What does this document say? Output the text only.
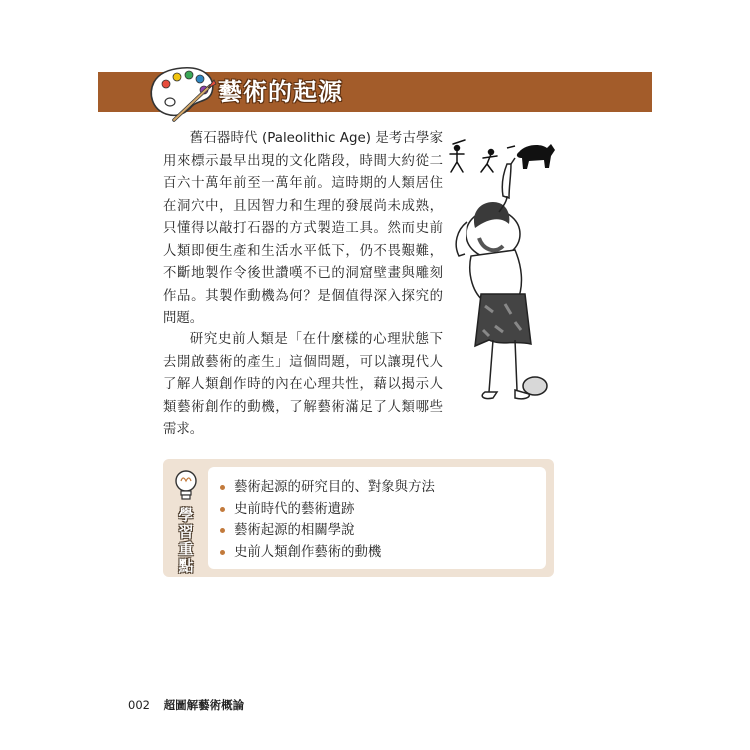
藝術的起源

舊石器時代 (Paleolithic Age) 是考古學家用來標示最早出現的文化階段，時間大約從二百六十萬年前至一萬年前。這時期的人類居住在洞穴中，且因智力和生理的發展尚未成熟，只懂得以敲打石器的方式製造工具。然而史前人類即便生產和生活水平低下，仍不畏艱難，不斷地製作令後世讚嘆不已的洞窟壁畫與雕刻作品。其製作動機為何？是個值得深入探究的問題。

研究史前人類是「在什麼樣的心理狀態下去開啟藝術的產生」這個問題，可以讓現代人了解人類創作時的內在心理共性，藉以揭示人類藝術創作的動機，了解藝術滿足了人類哪些需求。

學習重點
藝術起源的研究目的、對象與方法
史前時代的藝術遺跡
藝術起源的相關學說
史前人類創作藝術的動機
002 超圖解藝術概論
